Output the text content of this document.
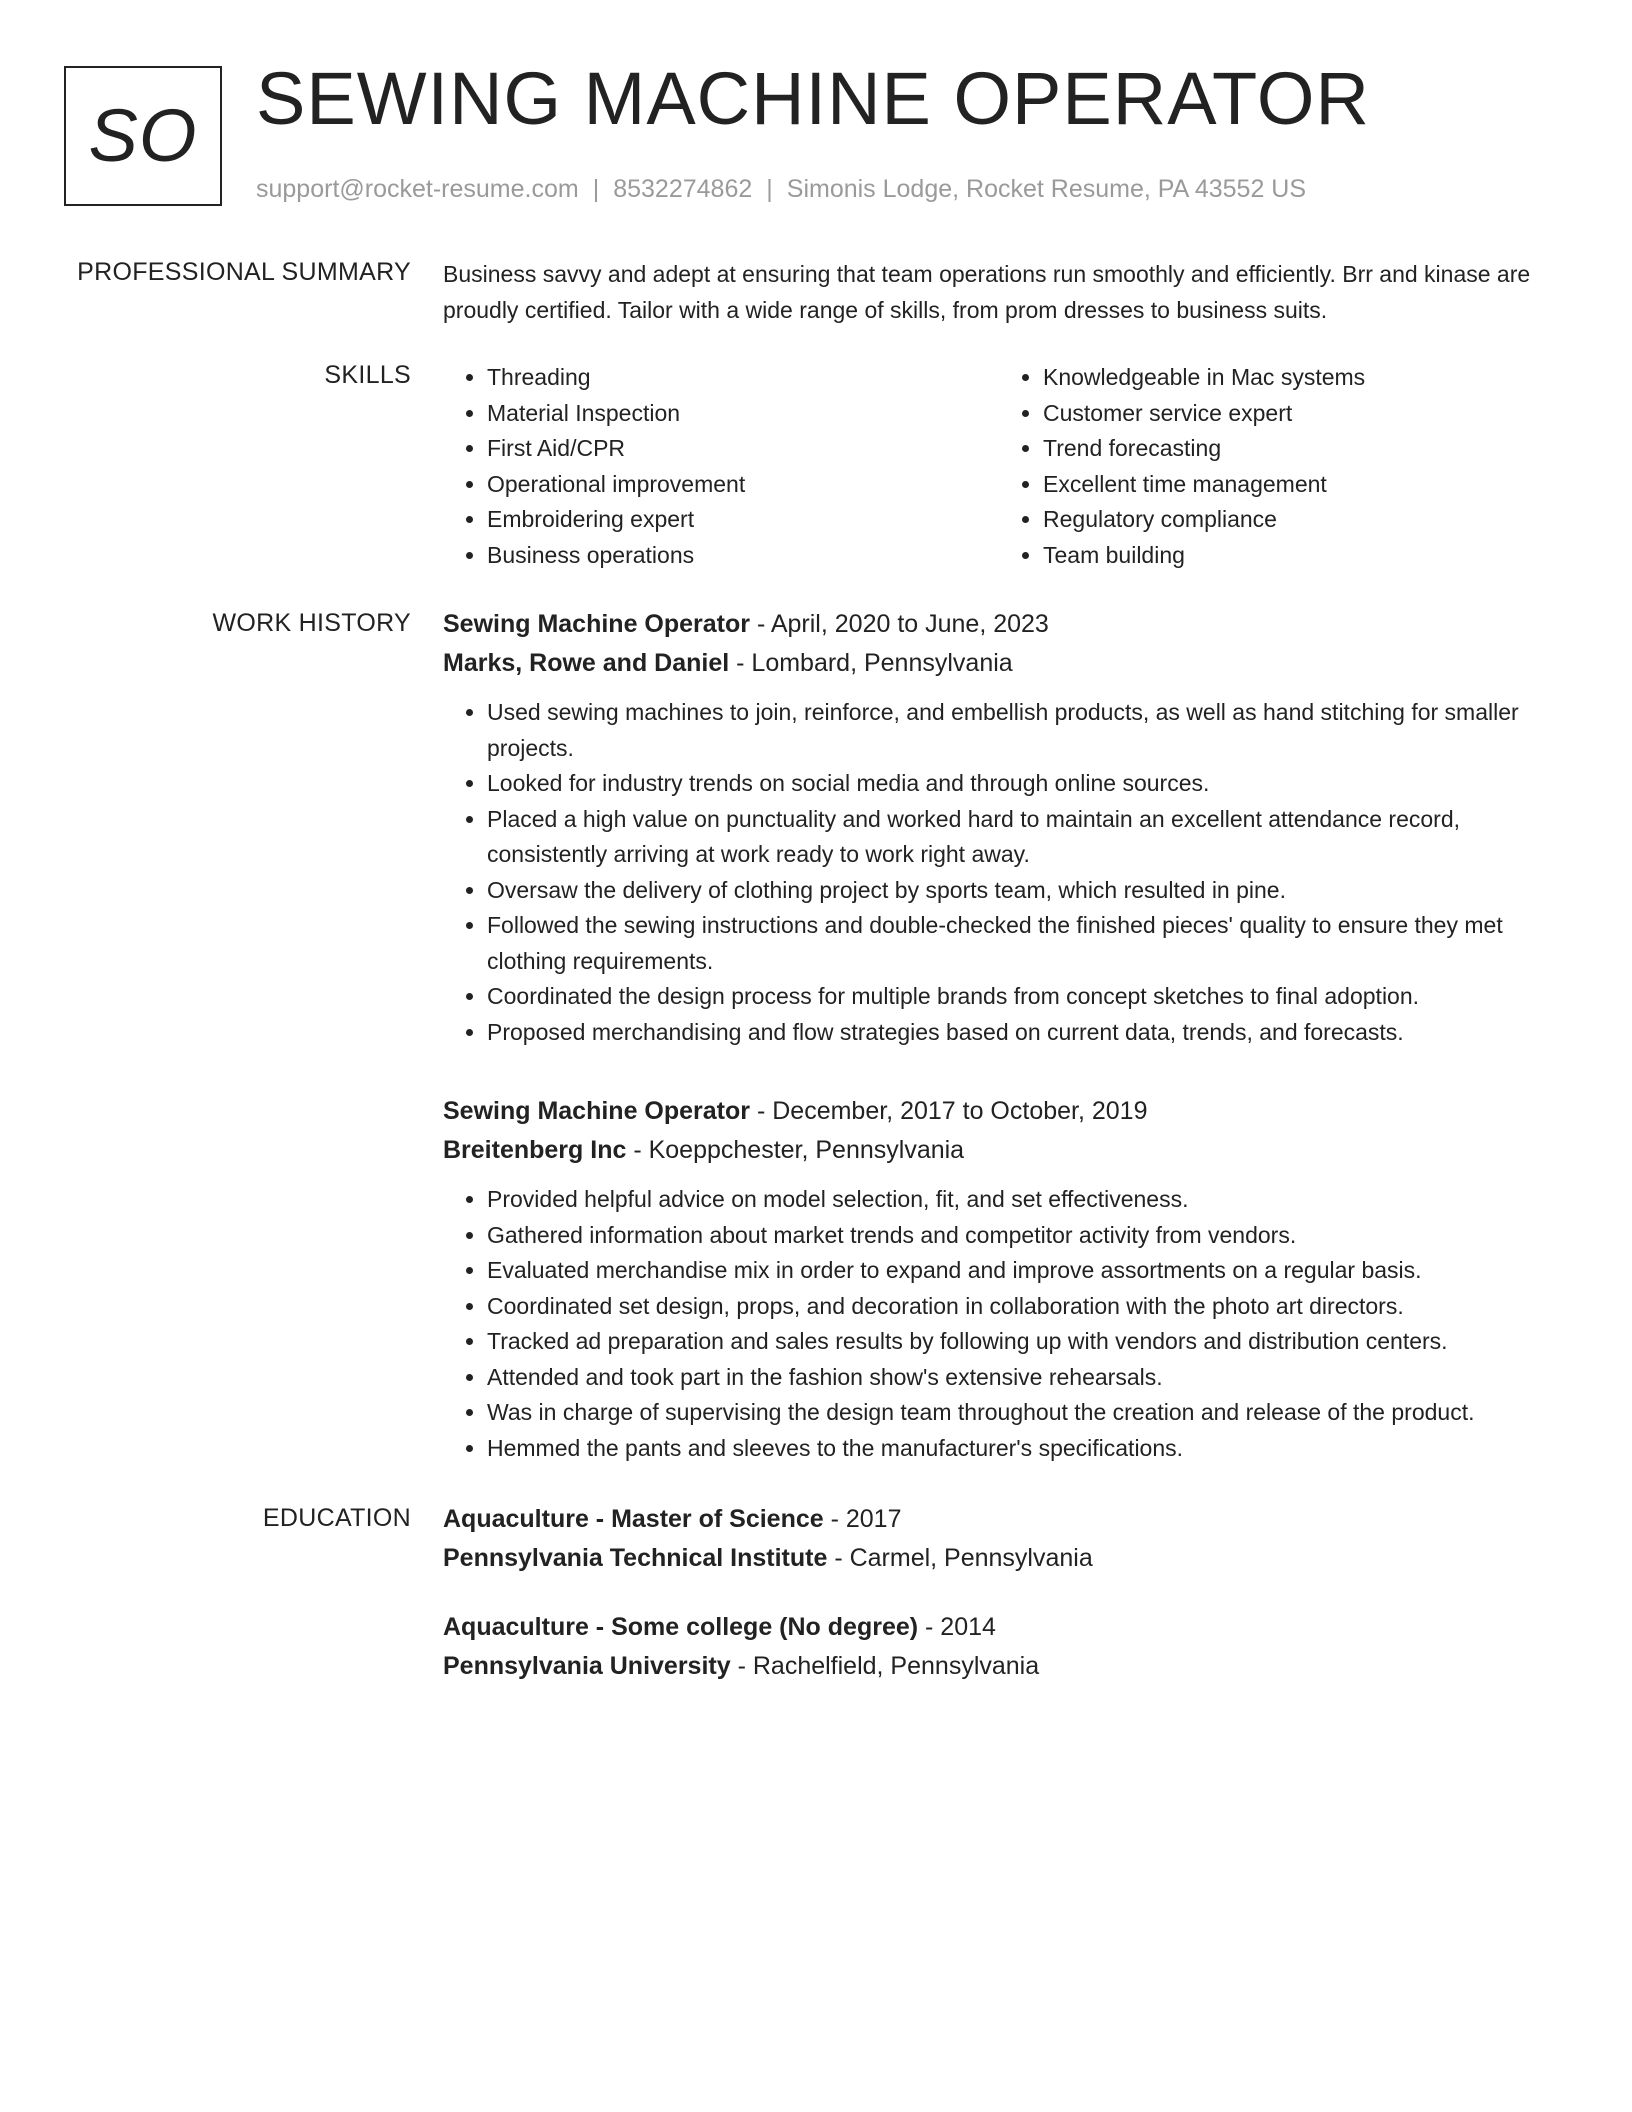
SO SEWING MACHINE OPERATOR
support@rocket-resume.com | 8532274862 | Simonis Lodge, Rocket Resume, PA 43552 US
PROFESSIONAL SUMMARY Business savvy and adept at ensuring that team operations run smoothly and efficiently. Brr and kinase are proudly certified. Tailor with a wide range of skills, from prom dresses to business suits.

SKILLS
•	Threading
• Material Inspection
• First Aid/CPR
• Operational improvement
• Embroidering expert
• Business operations
• Knowledgeable in Mac systems
• Customer service expert
• Trend forecasting
• Excellent time management
• Regulatory compliance
• Team building
WORK HISTORY Sewing Machine Operator - April, 2020 to June, 2023
Marks, Rowe and Daniel - Lombard, Pennsylvania
• Used sewing machines to join, reinforce, and embellish products, as well as hand stitching for smaller projects.
• Looked for industry trends on social media and through online sources.
• Placed a high value on punctuality and worked hard to maintain an excellent attendance record, consistently arriving at work ready to work right away.
• Oversaw the delivery of clothing project by sports team, which resulted in pine.
• Followed the sewing instructions and double-checked the finished pieces' quality to ensure they met clothing requirements.
• Coordinated the design process for multiple brands from concept sketches to final adoption.
• Proposed merchandising and flow strategies based on current data, trends, and forecasts.
Sewing Machine Operator - December, 2017 to October, 2019
Breitenberg Inc - Koeppchester, Pennsylvania
• Provided helpful advice on model selection, fit, and set effectiveness.
• Gathered information about market trends and competitor activity from vendors.
• Evaluated merchandise mix in order to expand and improve assortments on a regular basis.
• Coordinated set design, props, and decoration in collaboration with the photo art directors.
• Tracked ad preparation and sales results by following up with vendors and distribution centers.
• Attended and took part in the fashion show's extensive rehearsals.
• Was in charge of supervising the design team throughout the creation and release of the product.
• Hemmed the pants and sleeves to the manufacturer's specifications.
EDUCATION Aquaculture - Master of Science - 2017
Pennsylvania Technical Institute - Carmel, Pennsylvania
Aquaculture - Some college (No degree) - 2014
Pennsylvania University - Rachelfield, Pennsylvania
